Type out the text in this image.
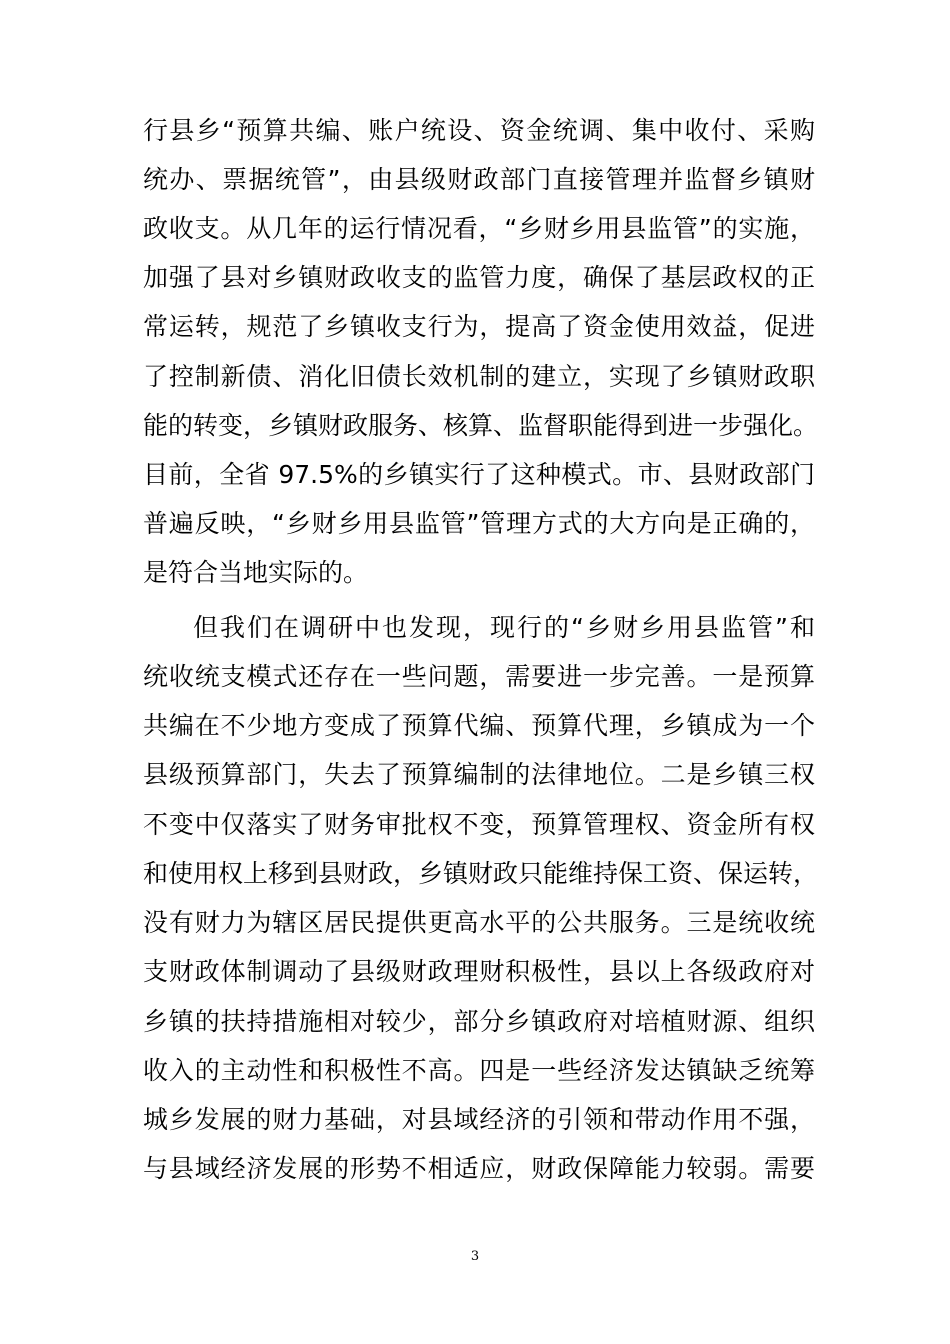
行县乡“预算共编、账户统设、资金统调、集中收付、采购
统办、票据统管”，由县级财政部门直接管理并监督乡镇财
政收支。从几年的运行情况看，“乡财乡用县监管”的实施，
加强了县对乡镇财政收支的监管力度，确保了基层政权的正
常运转，规范了乡镇收支行为，提高了资金使用效益，促进
了控制新债、消化旧债长效机制的建立，实现了乡镇财政职
能的转变，乡镇财政服务、核算、监督职能得到进一步强化。
目前，全省 97.5%的乡镇实行了这种模式。市、县财政部门
普遍反映，“乡财乡用县监管”管理方式的大方向是正确的，
是符合当地实际的。
但我们在调研中也发现，现行的“乡财乡用县监管”和
统收统支模式还存在一些问题，需要进一步完善。一是预算
共编在不少地方变成了预算代编、预算代理，乡镇成为一个
县级预算部门，失去了预算编制的法律地位。二是乡镇三权
不变中仅落实了财务审批权不变，预算管理权、资金所有权
和使用权上移到县财政，乡镇财政只能维持保工资、保运转，
没有财力为辖区居民提供更高水平的公共服务。三是统收统
支财政体制调动了县级财政理财积极性，县以上各级政府对
乡镇的扶持措施相对较少，部分乡镇政府对培植财源、组织
收入的主动性和积极性不高。四是一些经济发达镇缺乏统筹
城乡发展的财力基础，对县域经济的引领和带动作用不强，
与县域经济发展的形势不相适应，财政保障能力较弱。需要
3
